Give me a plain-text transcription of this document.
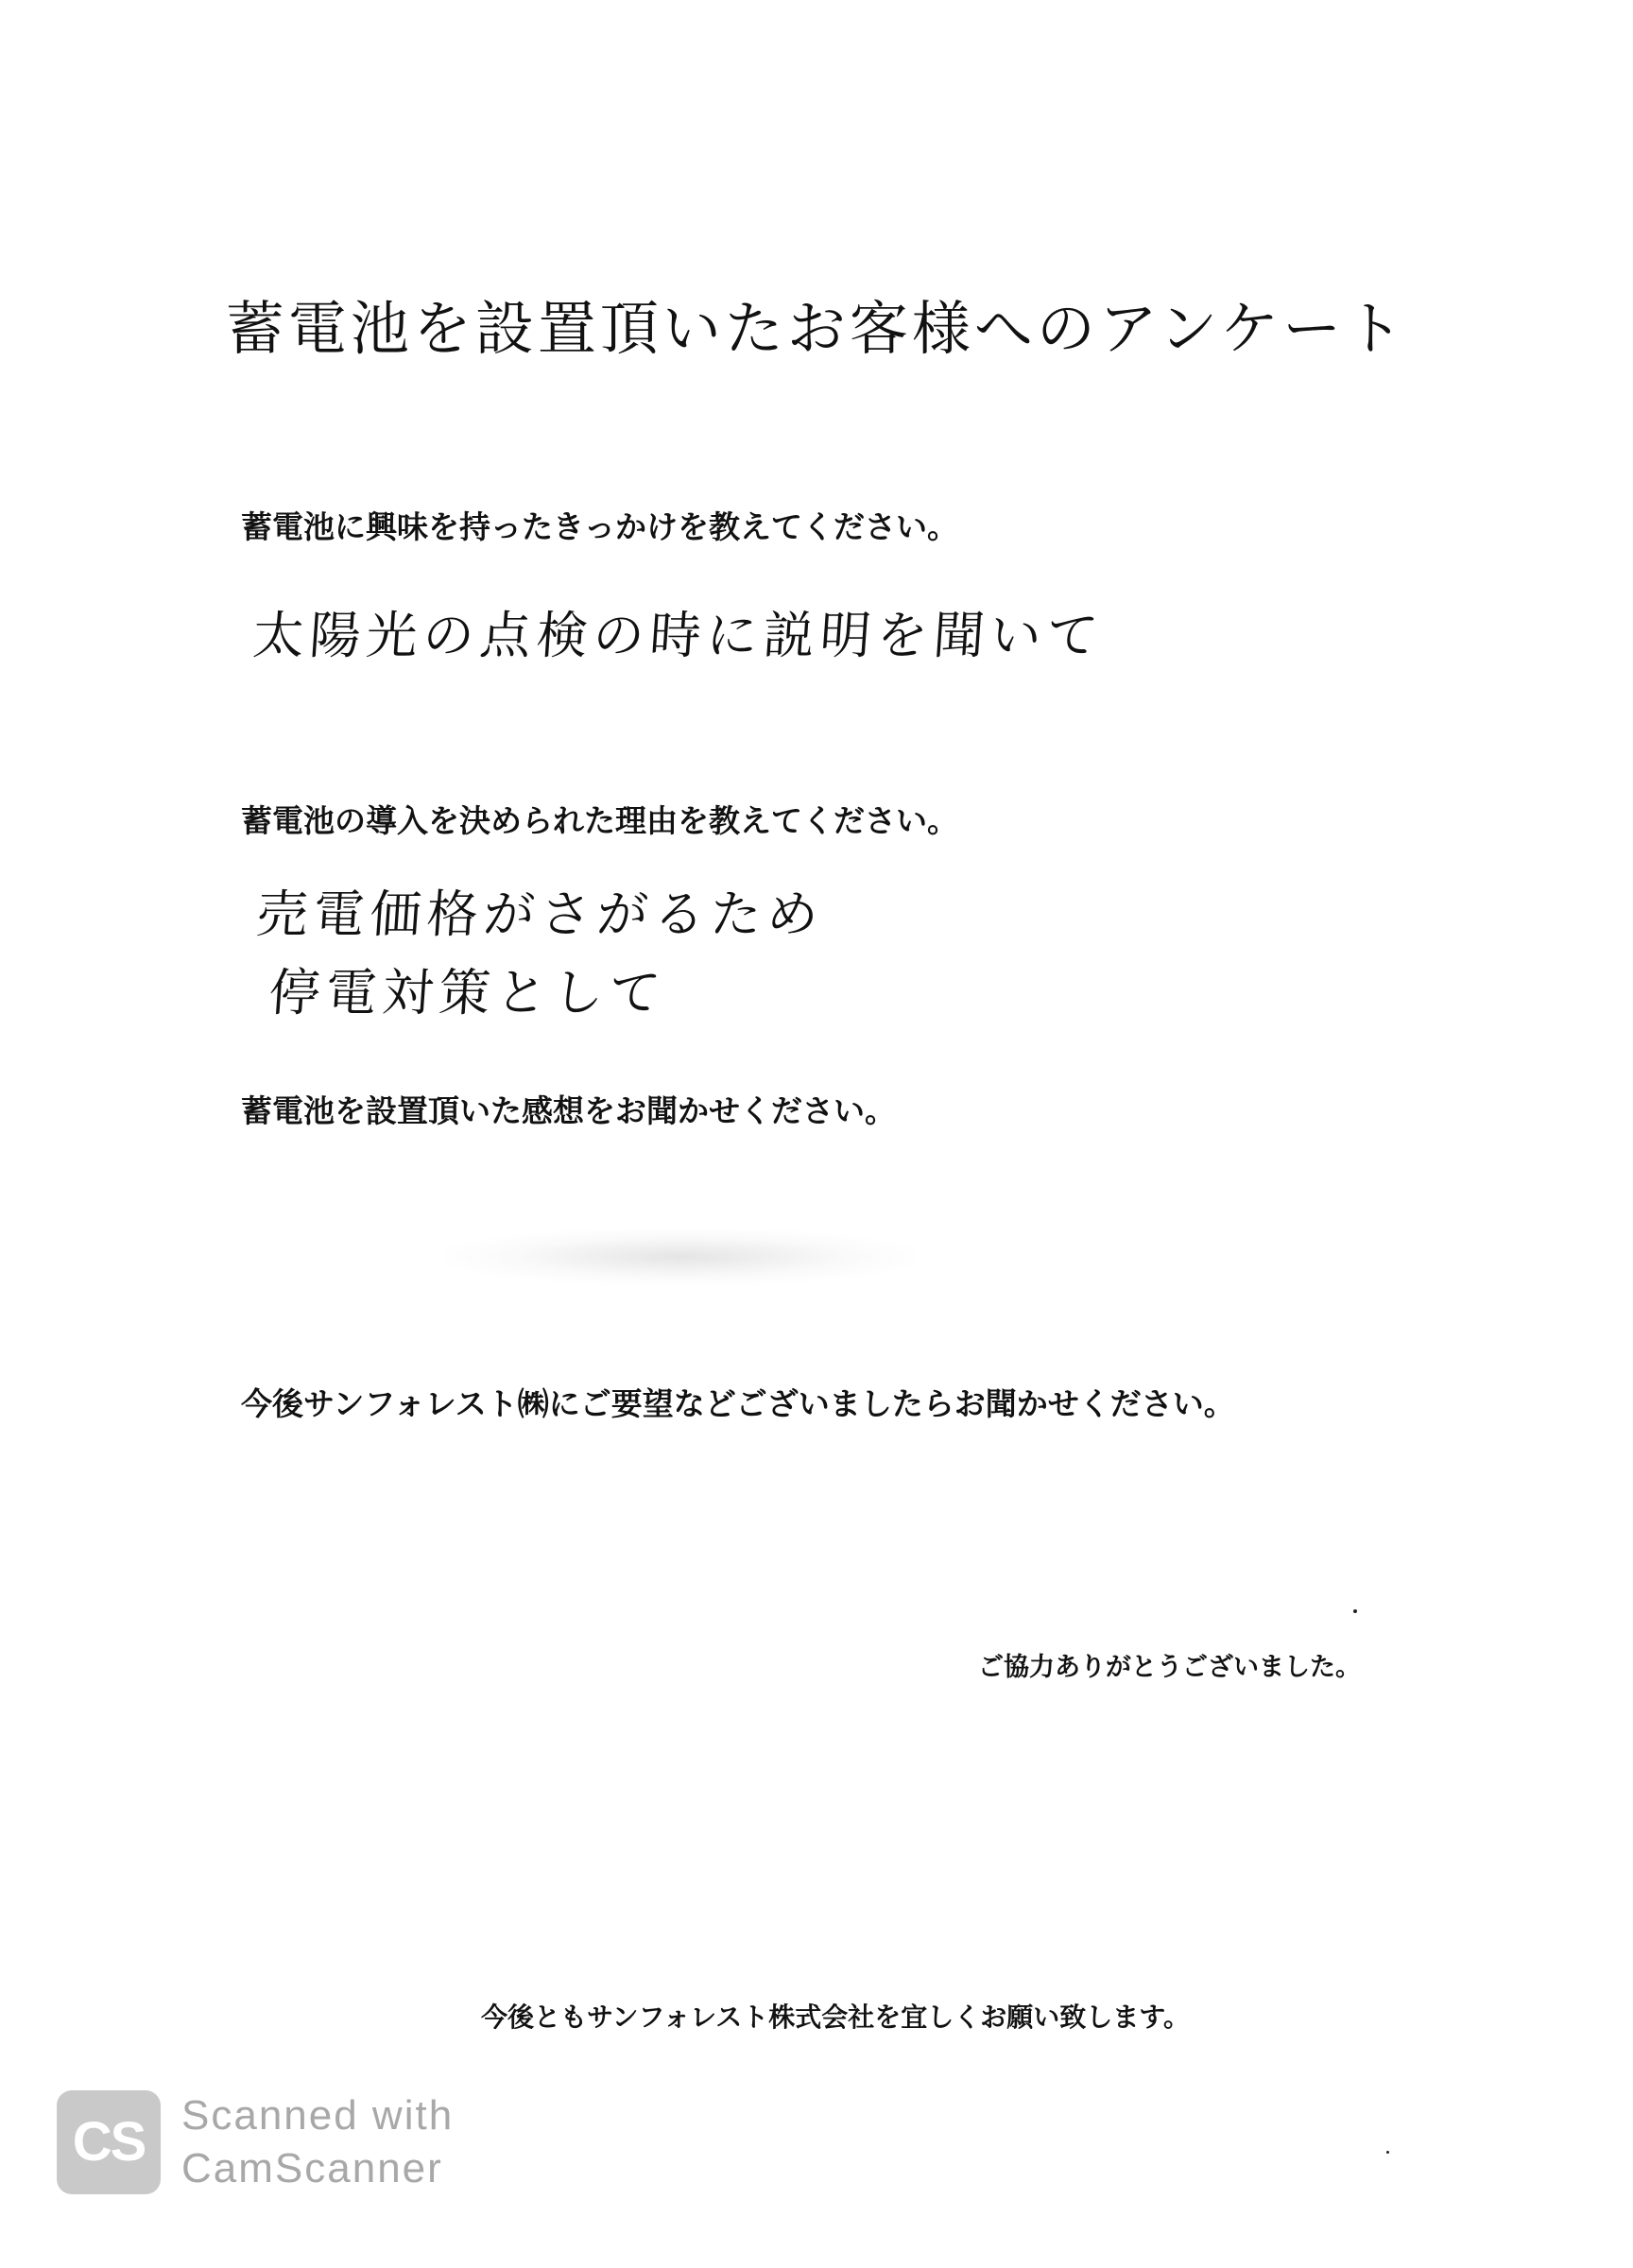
蓄電池を設置頂いたお客様へのアンケート
蓄電池に興味を持ったきっかけを教えてください。
太陽光の点検の時に説明を聞いて
蓄電池の導入を決められた理由を教えてください。
売電価格がさがるため
停電対策として
蓄電池を設置頂いた感想をお聞かせください。
今後サンフォレスト㈱にご要望などございましたらお聞かせください。
ご協力ありがとうございました。
今後ともサンフォレスト株式会社を宜しくお願い致します。
CS Scanned with
CamScanner
